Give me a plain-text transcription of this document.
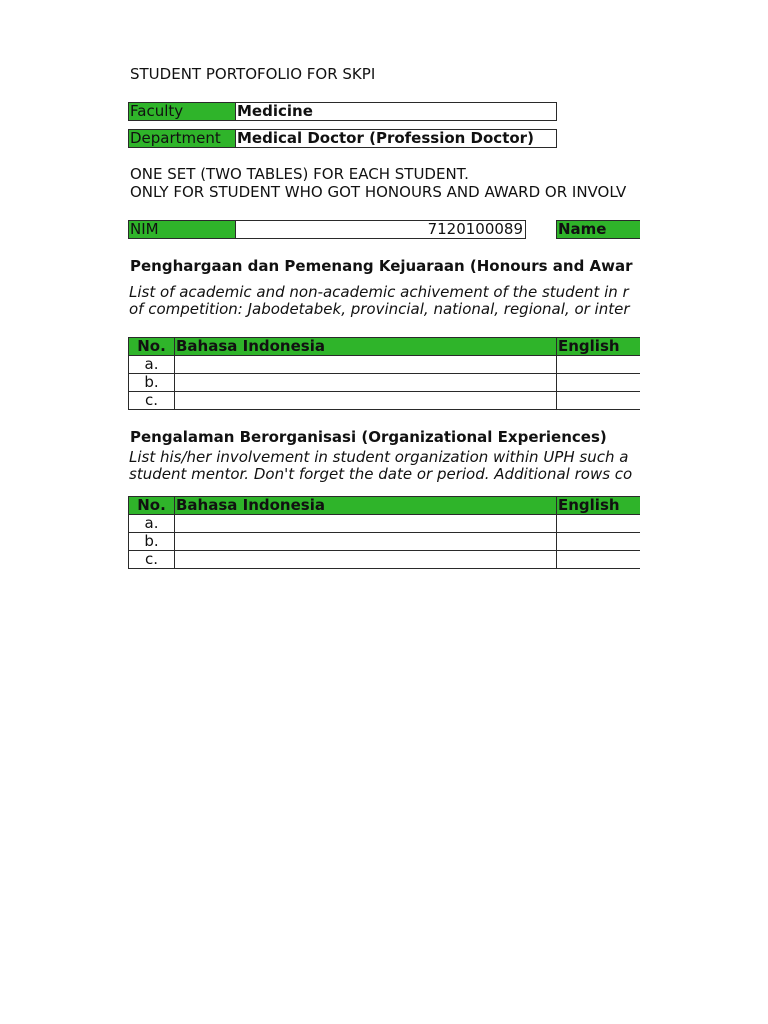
STUDENT PORTOFOLIO FOR SKPI
Faculty	Medicine
Department	Medical Doctor (Profession Doctor)
ONE SET (TWO TABLES) FOR EACH STUDENT.
ONLY FOR STUDENT WHO GOT HONOURS AND AWARD OR INVOLV
NIM	7120100089 Name
Penghargaan dan Pemenang Kejuaraan (Honours and Awar
List of academic and non-academic achivement of the student in r
of competition: Jabodetabek, provincial, national, regional, or inter
No.	Bahasa Indonesia	English
a.		
b.		
c.		
Pengalaman Berorganisasi (Organizational Experiences)
List his/her involvement in student organization within UPH such a
student mentor. Don't forget the date or period. Additional rows co
No.	Bahasa Indonesia	English
a.		
b.		
c.		
